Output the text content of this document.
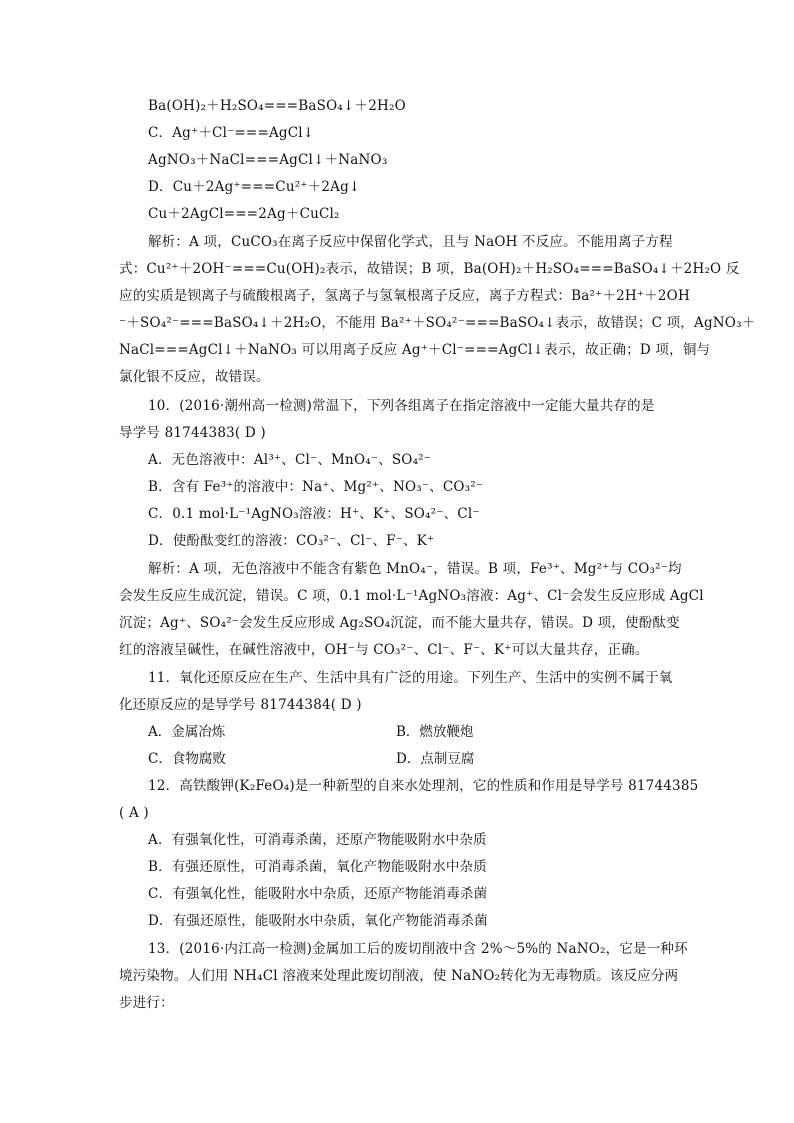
Ba(OH)₂＋H₂SO₄===BaSO₄↓＋2H₂O
C．Ag⁺＋Cl⁻===AgCl↓
AgNO₃＋NaCl===AgCl↓＋NaNO₃
D．Cu＋2Ag⁺===Cu²⁺＋2Ag↓
Cu＋2AgCl===2Ag＋CuCl₂
解析：A 项，CuCO₃在离子反应中保留化学式，且与 NaOH 不反应。不能用离子方程
式：Cu²⁺＋2OH⁻===Cu(OH)₂表示，故错误；B 项，Ba(OH)₂＋H₂SO₄===BaSO₄↓＋2H₂O 反
应的实质是钡离子与硫酸根离子，氢离子与氢氧根离子反应，离子方程式：Ba²⁺＋2H⁺＋2OH
⁻＋SO₄²⁻===BaSO₄↓＋2H₂O，不能用 Ba²⁺＋SO₄²⁻===BaSO₄↓表示，故错误；C 项，AgNO₃＋
NaCl===AgCl↓＋NaNO₃ 可以用离子反应 Ag⁺＋Cl⁻===AgCl↓表示，故正确；D 项，铜与
氯化银不反应，故错误。
10．(2016·潮州高一检测)常温下，下列各组离子在指定溶液中一定能大量共存的是
导学号 81744383( D )
A．无色溶液中：Al³⁺、Cl⁻、MnO₄⁻、SO₄²⁻
B．含有 Fe³⁺的溶液中：Na⁺、Mg²⁺、NO₃⁻、CO₃²⁻
C．0.1 mol·L⁻¹AgNO₃溶液：H⁺、K⁺、SO₄²⁻、Cl⁻
D．使酚酞变红的溶液：CO₃²⁻、Cl⁻、F⁻、K⁺
解析：A 项，无色溶液中不能含有紫色 MnO₄⁻，错误。B 项，Fe³⁺、Mg²⁺与 CO₃²⁻均
会发生反应生成沉淀，错误。C 项，0.1 mol·L⁻¹AgNO₃溶液：Ag⁺、Cl⁻会发生反应形成 AgCl
沉淀；Ag⁺、SO₄²⁻会发生反应形成 Ag₂SO₄沉淀，而不能大量共存，错误。D 项，使酚酞变
红的溶液呈碱性，在碱性溶液中，OH⁻与 CO₃²⁻、Cl⁻、F⁻、K⁺可以大量共存，正确。
11．氧化还原反应在生产、生活中具有广泛的用途。下列生产、生活中的实例不属于氧
化还原反应的是导学号 81744384( D )
12．高铁酸钾(K₂FeO₄)是一种新型的自来水处理剂，它的性质和作用是导学号 81744385
( A )
A．有强氧化性，可消毒杀菌，还原产物能吸附水中杂质
B．有强还原性，可消毒杀菌，氧化产物能吸附水中杂质
C．有强氧化性，能吸附水中杂质，还原产物能消毒杀菌
D．有强还原性，能吸附水中杂质，氧化产物能消毒杀菌
13．(2016·内江高一检测)金属加工后的废切削液中含 2%～5%的 NaNO₂，它是一种环
境污染物。人们用 NH₄Cl 溶液来处理此废切削液，使 NaNO₂转化为无毒物质。该反应分两
步进行：
A．金属冶炼	B．燃放鞭炮
C．食物腐败	D．点制豆腐
